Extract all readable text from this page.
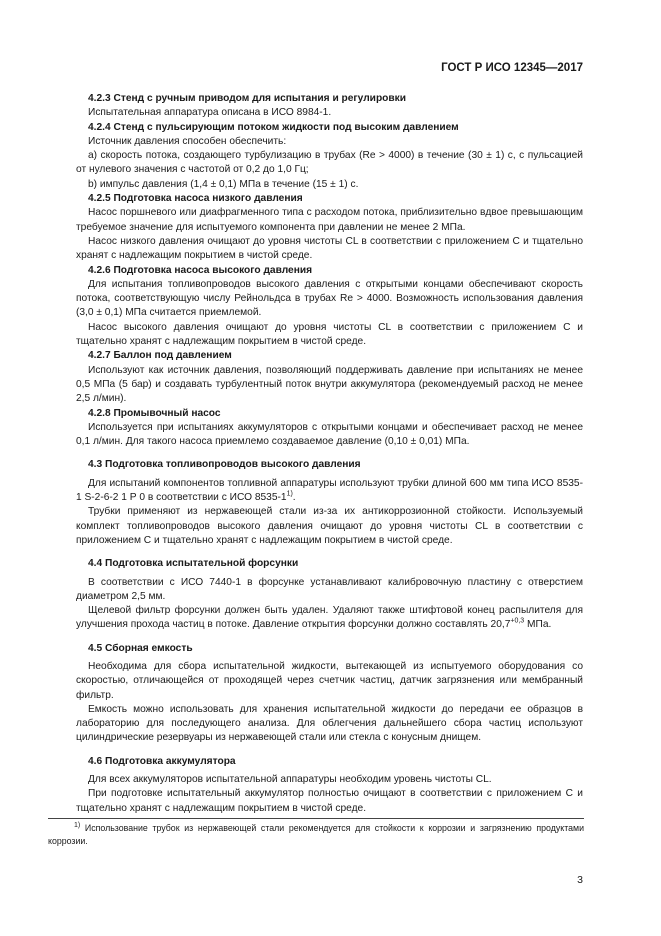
ГОСТ Р ИСО 12345—2017

4.2.3 Стенд с ручным приводом для испытания и регулировки

Испытательная аппаратура описана в ИСО 8984-1.

4.2.4 Стенд с пульсирующим потоком жидкости под высоким давлением

Источник давления способен обеспечить:

а) скорость потока, создающего турбулизацию в трубах (Re > 4000) в течение (30 ± 1) с, с пульсацией от нулевого значения с частотой от 0,2 до 1,0 Гц;

b) импульс давления (1,4 ± 0,1) МПа в течение (15 ± 1) с.

4.2.5 Подготовка насоса низкого давления

Насос поршневого или диафрагменного типа с расходом потока, приблизительно вдвое превышающим требуемое значение для испытуемого компонента при давлении не менее 2 МПа.

Насос низкого давления очищают до уровня чистоты CL в соответствии с приложением С и тщательно хранят с надлежащим покрытием в чистой среде.

4.2.6 Подготовка насоса высокого давления

Для испытания топливопроводов высокого давления с открытыми концами обеспечивают скорость потока, соответствующую числу Рейнольдса в трубах Re > 4000. Возможность использования давления (3,0 ± 0,1) МПа считается приемлемой.

Насос высокого давления очищают до уровня чистоты CL в соответствии с приложением С и тщательно хранят с надлежащим покрытием в чистой среде.

4.2.7 Баллон под давлением

Используют как источник давления, позволяющий поддерживать давление при испытаниях не менее 0,5 МПа (5 бар) и создавать турбулентный поток внутри аккумулятора (рекомендуемый расход не менее 2,5 л/мин).

4.2.8 Промывочный насос

Используется при испытаниях аккумуляторов с открытыми концами и обеспечивает расход не менее 0,1 л/мин. Для такого насоса приемлемо создаваемое давление (0,10 ± 0,01) МПа.

4.3 Подготовка топливопроводов высокого давления

Для испытаний компонентов топливной аппаратуры используют трубки длиной 600 мм типа ИСО 8535-1 S-2-6-2 1 Р 0 в соответствии с ИСО 8535-1$^{1)}$.

Трубки применяют из нержавеющей стали из-за их антикоррозионной стойкости. Используемый комплект топливопроводов высокого давления очищают до уровня чистоты CL в соответствии с приложением С и тщательно хранят с надлежащим покрытием в чистой среде.

4.4 Подготовка испытательной форсунки

В соответствии с ИСО 7440-1 в форсунке устанавливают калибровочную пластину с отверстием диаметром 2,5 мм.

Щелевой фильтр форсунки должен быть удален. Удаляют также штифтовой конец распылителя для улучшения прохода частиц в потоке. Давление открытия форсунки должно составлять $20,7^{+0,3}$ МПа.

4.5 Сборная емкость

Необходима для сбора испытательной жидкости, вытекающей из испытуемого оборудования со скоростью, отличающейся от проходящей через счетчик частиц, датчик загрязнения или мембранный фильтр.

Емкость можно использовать для хранения испытательной жидкости до передачи ее образцов в лабораторию для последующего анализа. Для облегчения дальнейшего сбора частиц используют цилиндрические резервуары из нержавеющей стали или стекла с конусным днищем.

4.6 Подготовка аккумулятора

Для всех аккумуляторов испытательной аппаратуры необходим уровень чистоты CL.

При подготовке испытательный аккумулятор полностью очищают в соответствии с приложением С и тщательно хранят с надлежащим покрытием в чистой среде.

$^{1)}$ Использование трубок из нержавеющей стали рекомендуется для стойкости к коррозии и загрязнению продуктами коррозии.

3
